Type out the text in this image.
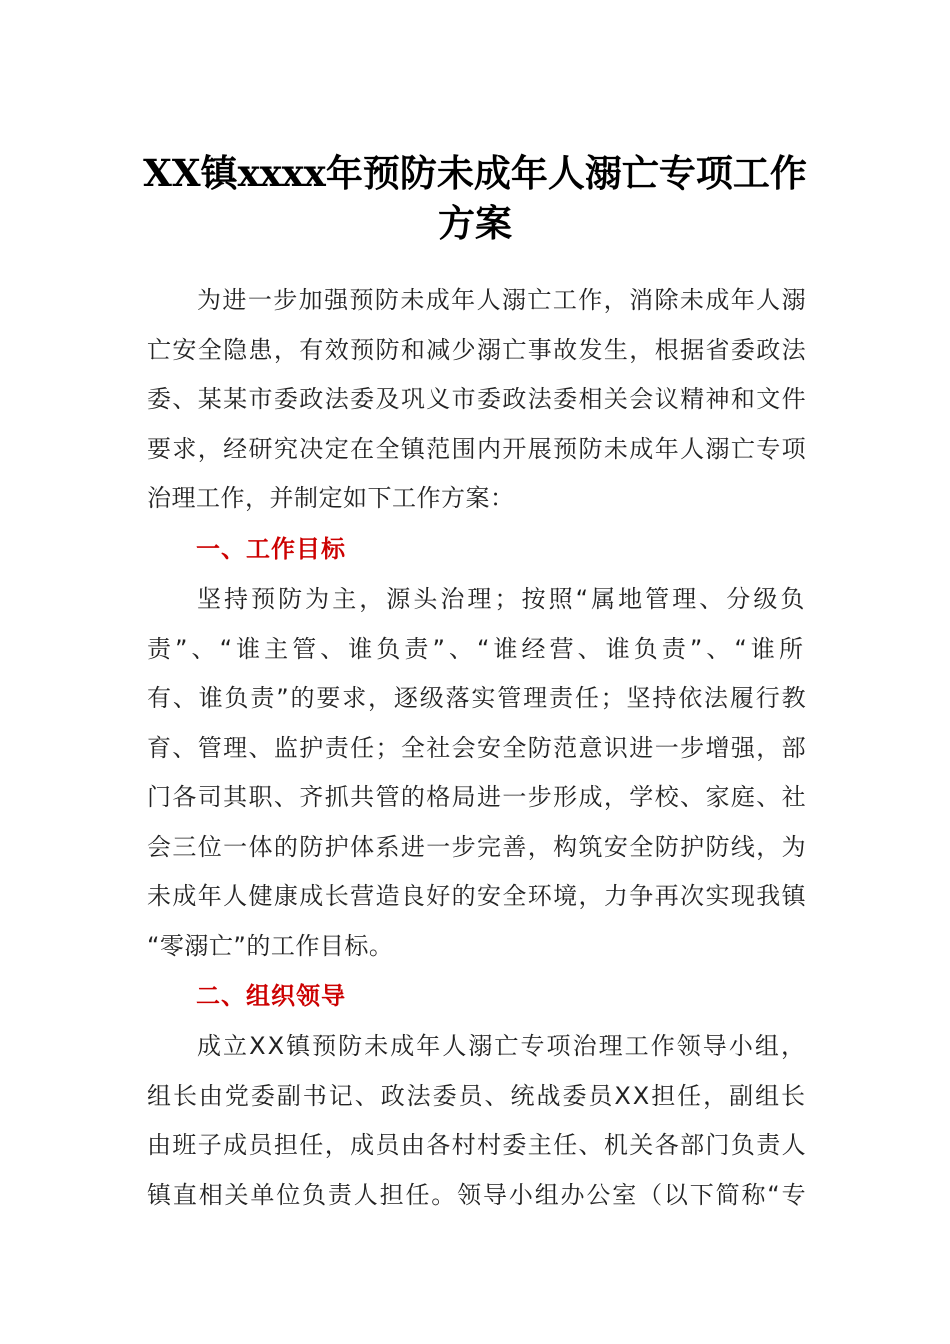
XX镇xxxx年预防未成年人溺亡专项工作
方案
为进一步加强预防未成年人溺亡工作，消除未成年人溺
亡安全隐患，有效预防和减少溺亡事故发生，根据省委政法
委、某某市委政法委及巩义市委政法委相关会议精神和文件
要求，经研究决定在全镇范围内开展预防未成年人溺亡专项
治理工作，并制定如下工作方案：
一、工作目标
坚持预防为主，源头治理；按照“属地管理、分级负
责”、“谁主管、谁负责”、“谁经营、谁负责”、“谁所
有、谁负责”的要求，逐级落实管理责任；坚持依法履行教
育、管理、监护责任；全社会安全防范意识进一步增强，部
门各司其职、齐抓共管的格局进一步形成，学校、家庭、社
会三位一体的防护体系进一步完善，构筑安全防护防线，为
未成年人健康成长营造良好的安全环境，力争再次实现我镇
“零溺亡”的工作目标。
二、组织领导
成立XX镇预防未成年人溺亡专项治理工作领导小组，
组长由党委副书记、政法委员、统战委员XX担任，副组长
由班子成员担任，成员由各村村委主任、机关各部门负责人
镇直相关单位负责人担任。领导小组办公室（以下简称“专
